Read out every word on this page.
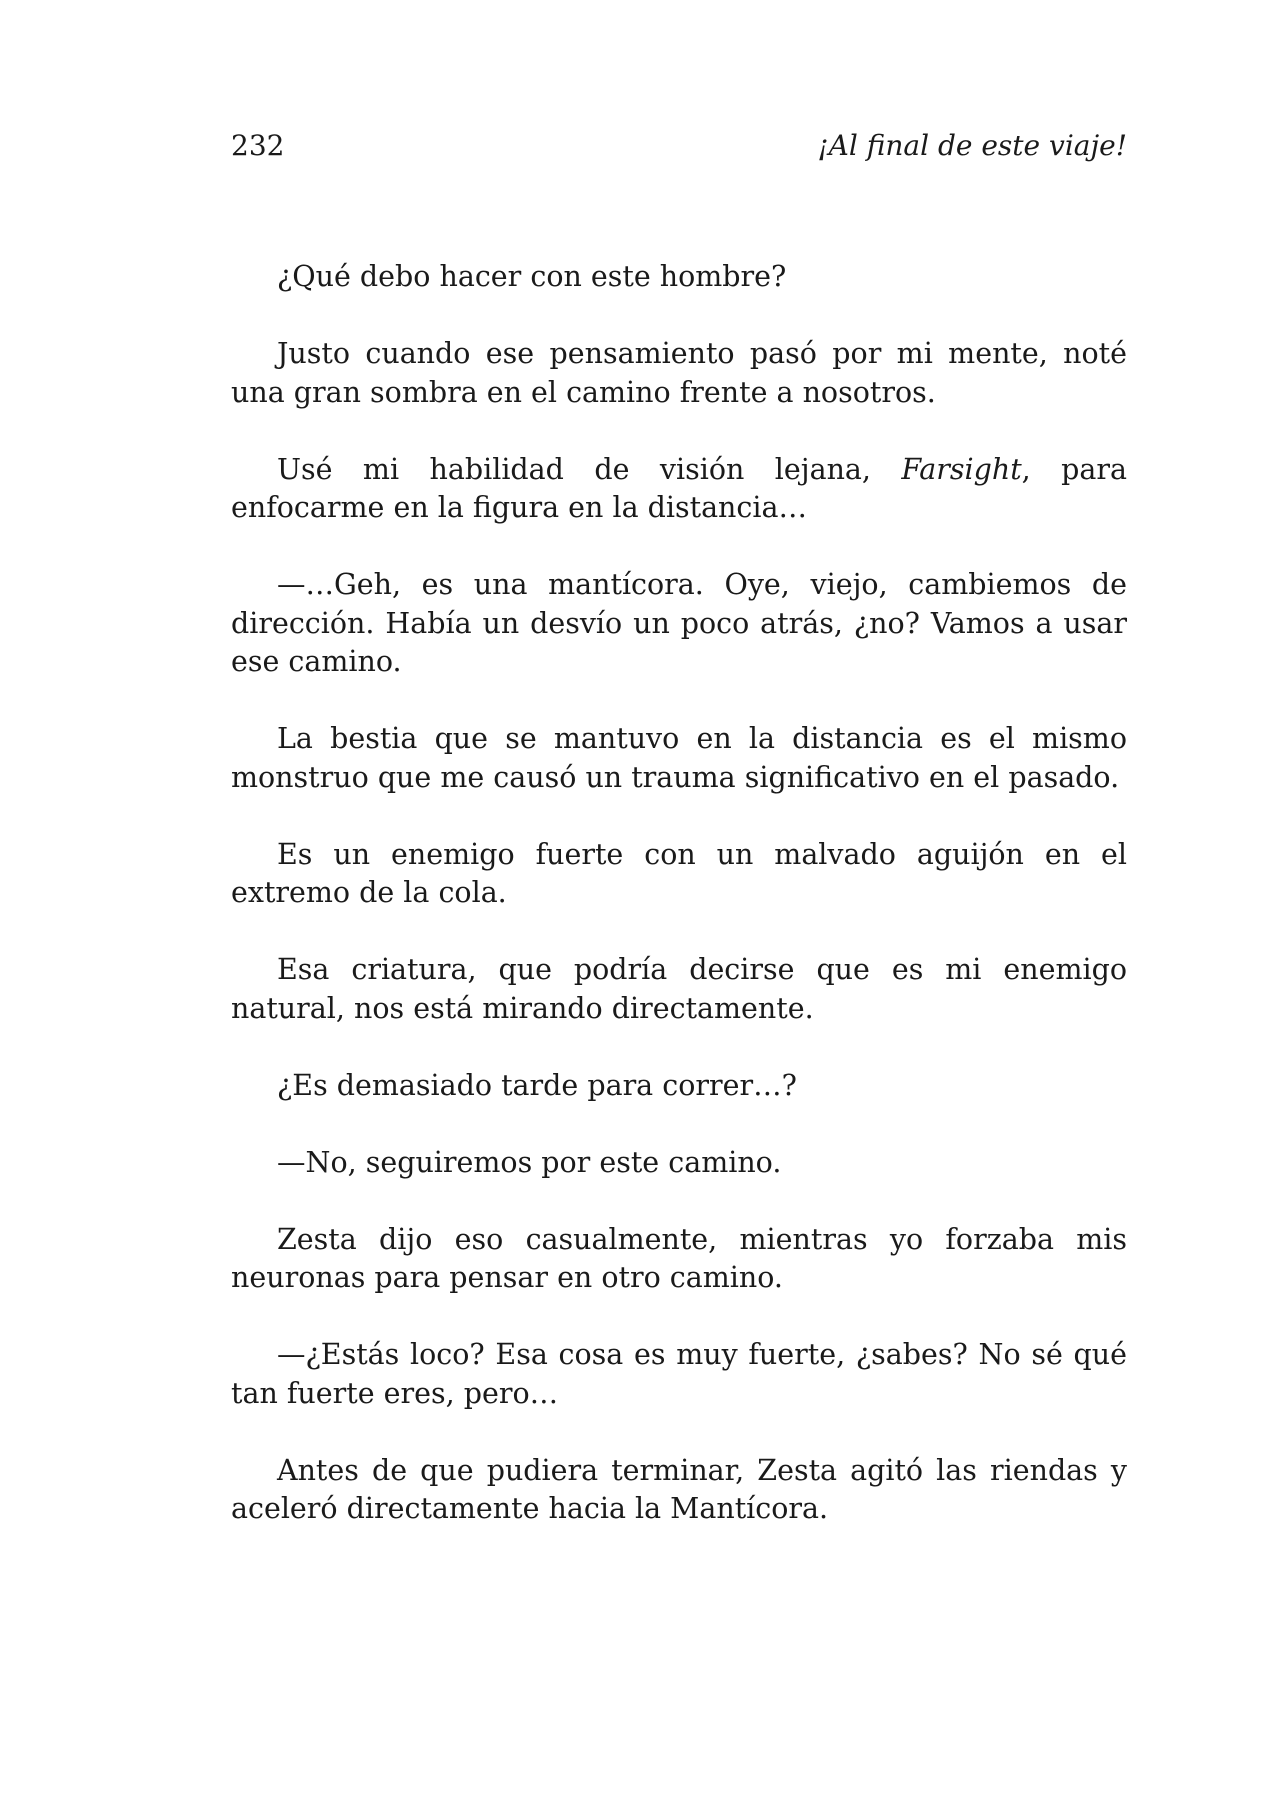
232	¡Al final de este viaje!

¿Qué debo hacer con este hombre?

Justo cuando ese pensamiento pasó por mi mente, noté una gran sombra en el camino frente a nosotros.

Usé mi habilidad de visión lejana, Farsight, para enfocarme en la figura en la distancia…

—…Geh, es una mantícora. Oye, viejo, cambiemos de dirección. Había un desvío un poco atrás, ¿no? Vamos a usar ese camino.

La bestia que se mantuvo en la distancia es el mismo monstruo que me causó un trauma significativo en el pasado.

Es un enemigo fuerte con un malvado aguijón en el extremo de la cola.

Esa criatura, que podría decirse que es mi enemigo natural, nos está mirando directamente.

¿Es demasiado tarde para correr…?

—No, seguiremos por este camino.

Zesta dijo eso casualmente, mientras yo forzaba mis neuronas para pensar en otro camino.

—¿Estás loco? Esa cosa es muy fuerte, ¿sabes? No sé qué tan fuerte eres, pero…

Antes de que pudiera terminar, Zesta agitó las riendas y aceleró directamente hacia la Mantícora.
